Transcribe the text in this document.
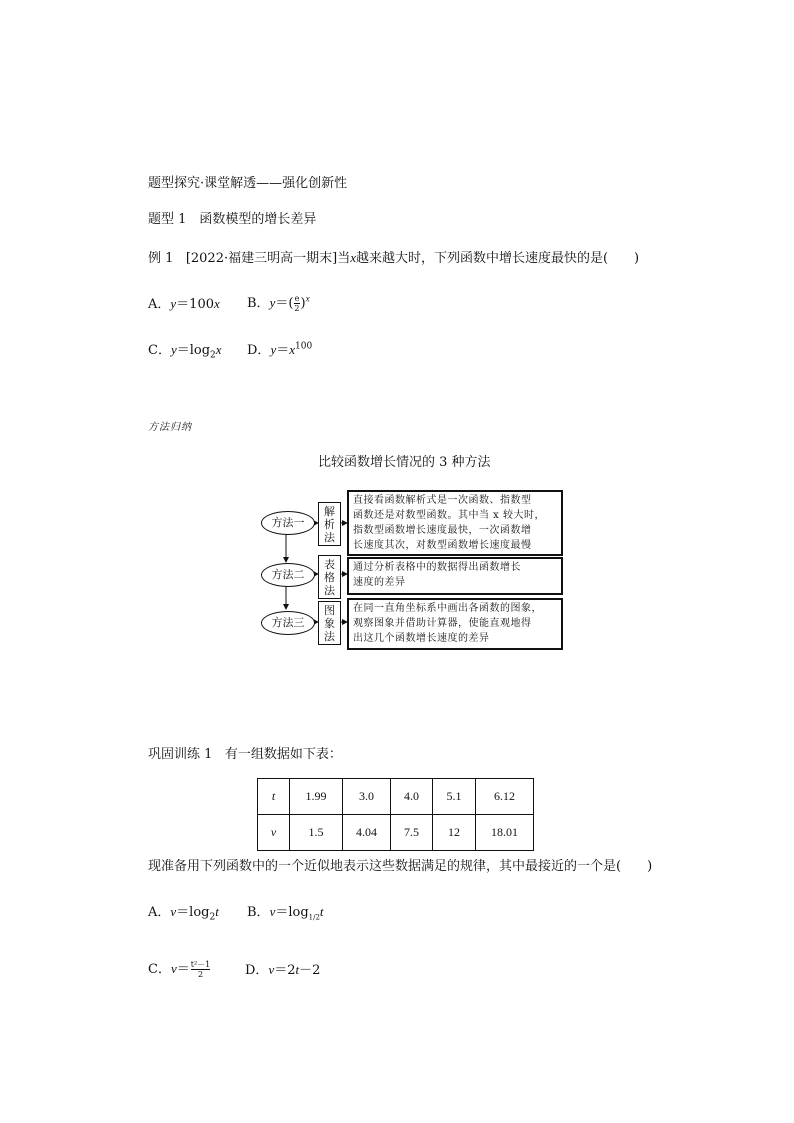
题型探究·课堂解透——强化创新性
题型 1　函数模型的增长差异
例 1 [2022·福建三明高一期末]当x越来越大时，下列函数中增长速度最快的是(　　)
A．y＝100x B．$y=( \frac{e}{2} )^x$
C．$y=\log_2x$ D．$y=x^{100}$
方法归纳
比较函数增长情况的 3 种方法
方法一
解
析
法
直接看函数解析式是一次函数、指数型
函数还是对数型函数。其中当 x 较大时，
指数型函数增长速度最快，一次函数增
长速度其次，对数型函数增长速度最慢
方法二
表
格
法
通过分析表格中的数据得出函数增长
速度的差异
方法三
图
象
法
在同一直角坐标系中画出各函数的图象，
观察图象并借助计算器，使能直观地得
出这几个函数增长速度的差异
巩固训练 1 有一组数据如下表：
t	1.99	3.0	4.0	5.1	6.12
v	1.5	4.04	7.5	12	18.01
现准备用下列函数中的一个近似地表示这些数据满足的规律，其中最接近的一个是(　　)
A．$v=\log_2t$ B．$v=\log_{1/2}t$
C．$v= \frac{\text{t²－1}}{2}$	D．v＝2t－2
